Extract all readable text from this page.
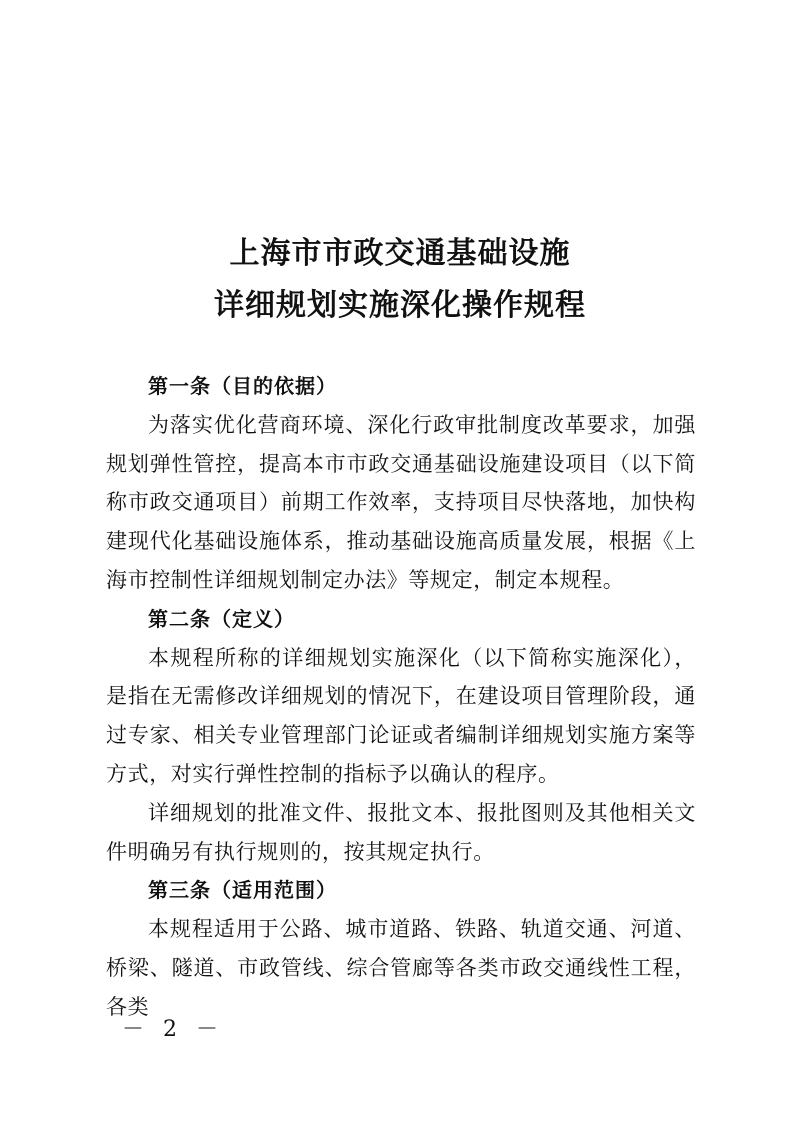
上海市市政交通基础设施
详细规划实施深化操作规程
第一条（目的依据）
为落实优化营商环境、深化行政审批制度改革要求，加强规划弹性管控，提高本市市政交通基础设施建设项目（以下简称市政交通项目）前期工作效率，支持项目尽快落地，加快构建现代化基础设施体系，推动基础设施高质量发展，根据《上海市控制性详细规划制定办法》等规定，制定本规程。
第二条（定义）
本规程所称的详细规划实施深化（以下简称实施深化），是指在无需修改详细规划的情况下，在建设项目管理阶段，通过专家、相关专业管理部门论证或者编制详细规划实施方案等方式，对实行弹性控制的指标予以确认的程序。
详细规划的批准文件、报批文本、报批图则及其他相关文件明确另有执行规则的，按其规定执行。
第三条（适用范围）
本规程适用于公路、城市道路、铁路、轨道交通、河道、桥梁、隧道、市政管线、综合管廊等各类市政交通线性工程，各类
－ 2 －
